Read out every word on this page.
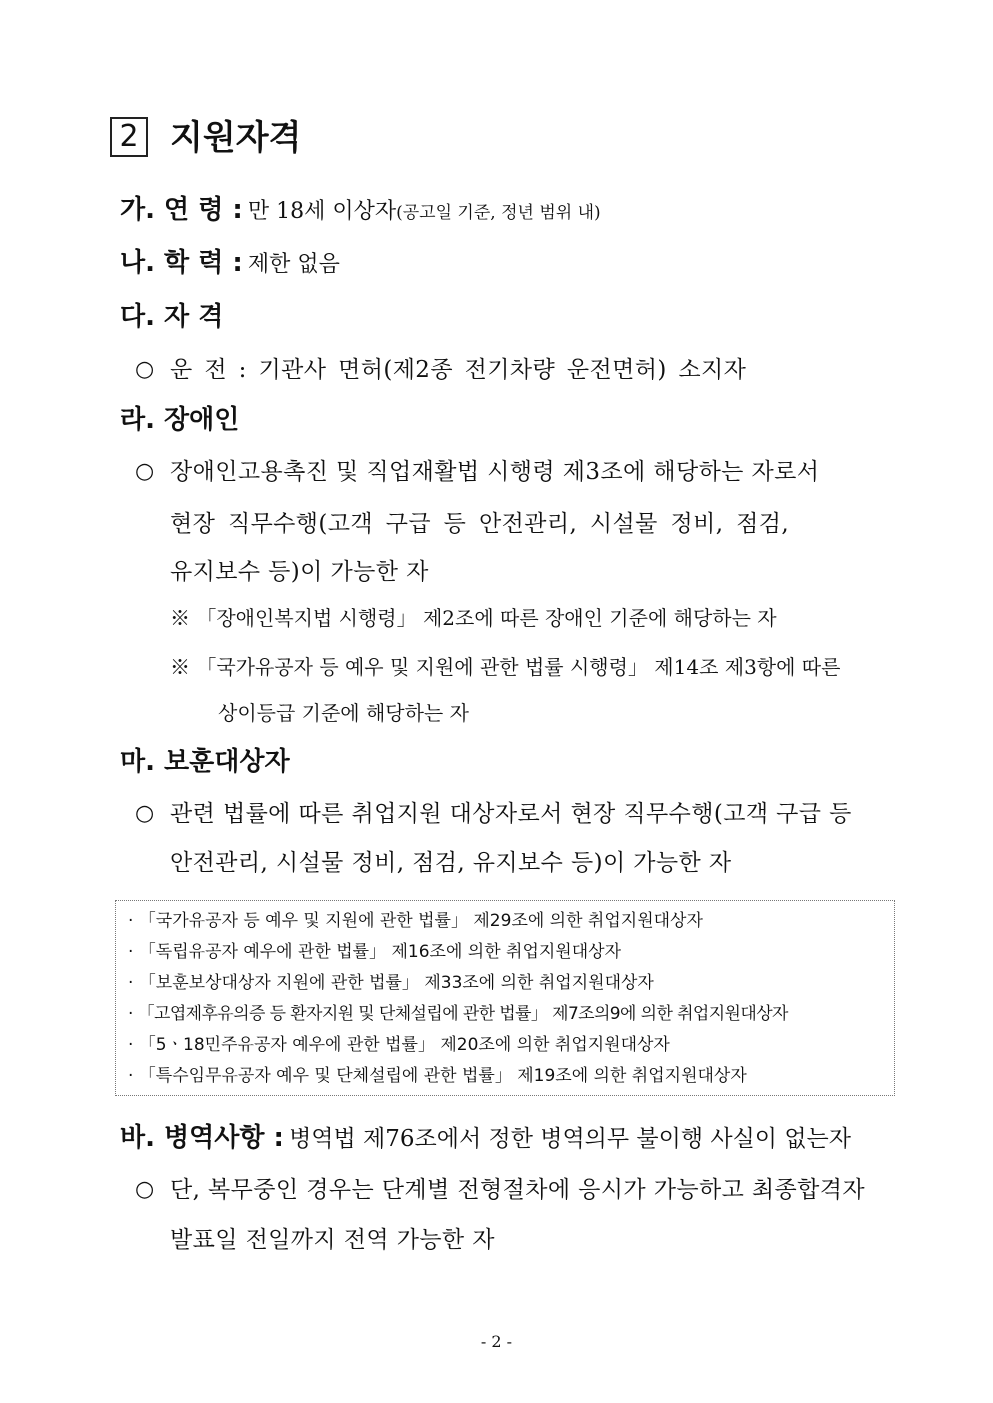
2 지원자격
가. 연 령 : 만 18세 이상자(공고일 기준, 정년 범위 내)
나. 학 력 : 제한 없음
다. 자 격
○ 운 전 : 기관사 면허(제2종 전기차량 운전면허) 소지자
라. 장애인
○ 장애인고용촉진 및 직업재활법 시행령 제3조에 해당하는 자로서
현장 직무수행(고객 구급 등 안전관리, 시설물 정비, 점검,
유지보수 등)이 가능한 자
※ 「장애인복지법 시행령」 제2조에 따른 장애인 기준에 해당하는 자
※ 「국가유공자 등 예우 및 지원에 관한 법률 시행령」 제14조 제3항에 따른
상이등급 기준에 해당하는 자
마. 보훈대상자
○ 관련 법률에 따른 취업지원 대상자로서 현장 직무수행(고객 구급 등
안전관리, 시설물 정비, 점검, 유지보수 등)이 가능한 자
· 「국가유공자 등 예우 및 지원에 관한 법률」 제29조에 의한 취업지원대상자
· 「독립유공자 예우에 관한 법률」 제16조에 의한 취업지원대상자
· 「보훈보상대상자 지원에 관한 법률」 제33조에 의한 취업지원대상자
· 「고엽제후유의증 등 환자지원 및 단체설립에 관한 법률」 제7조의9에 의한 취업지원대상자
· 「5ㆍ18민주유공자 예우에 관한 법률」 제20조에 의한 취업지원대상자
· 「특수임무유공자 예우 및 단체설립에 관한 법률」 제19조에 의한 취업지원대상자
바. 병역사항 : 병역법 제76조에서 정한 병역의무 불이행 사실이 없는자
○ 단, 복무중인 경우는 단계별 전형절차에 응시가 가능하고 최종합격자
발표일 전일까지 전역 가능한 자
- 2 -
